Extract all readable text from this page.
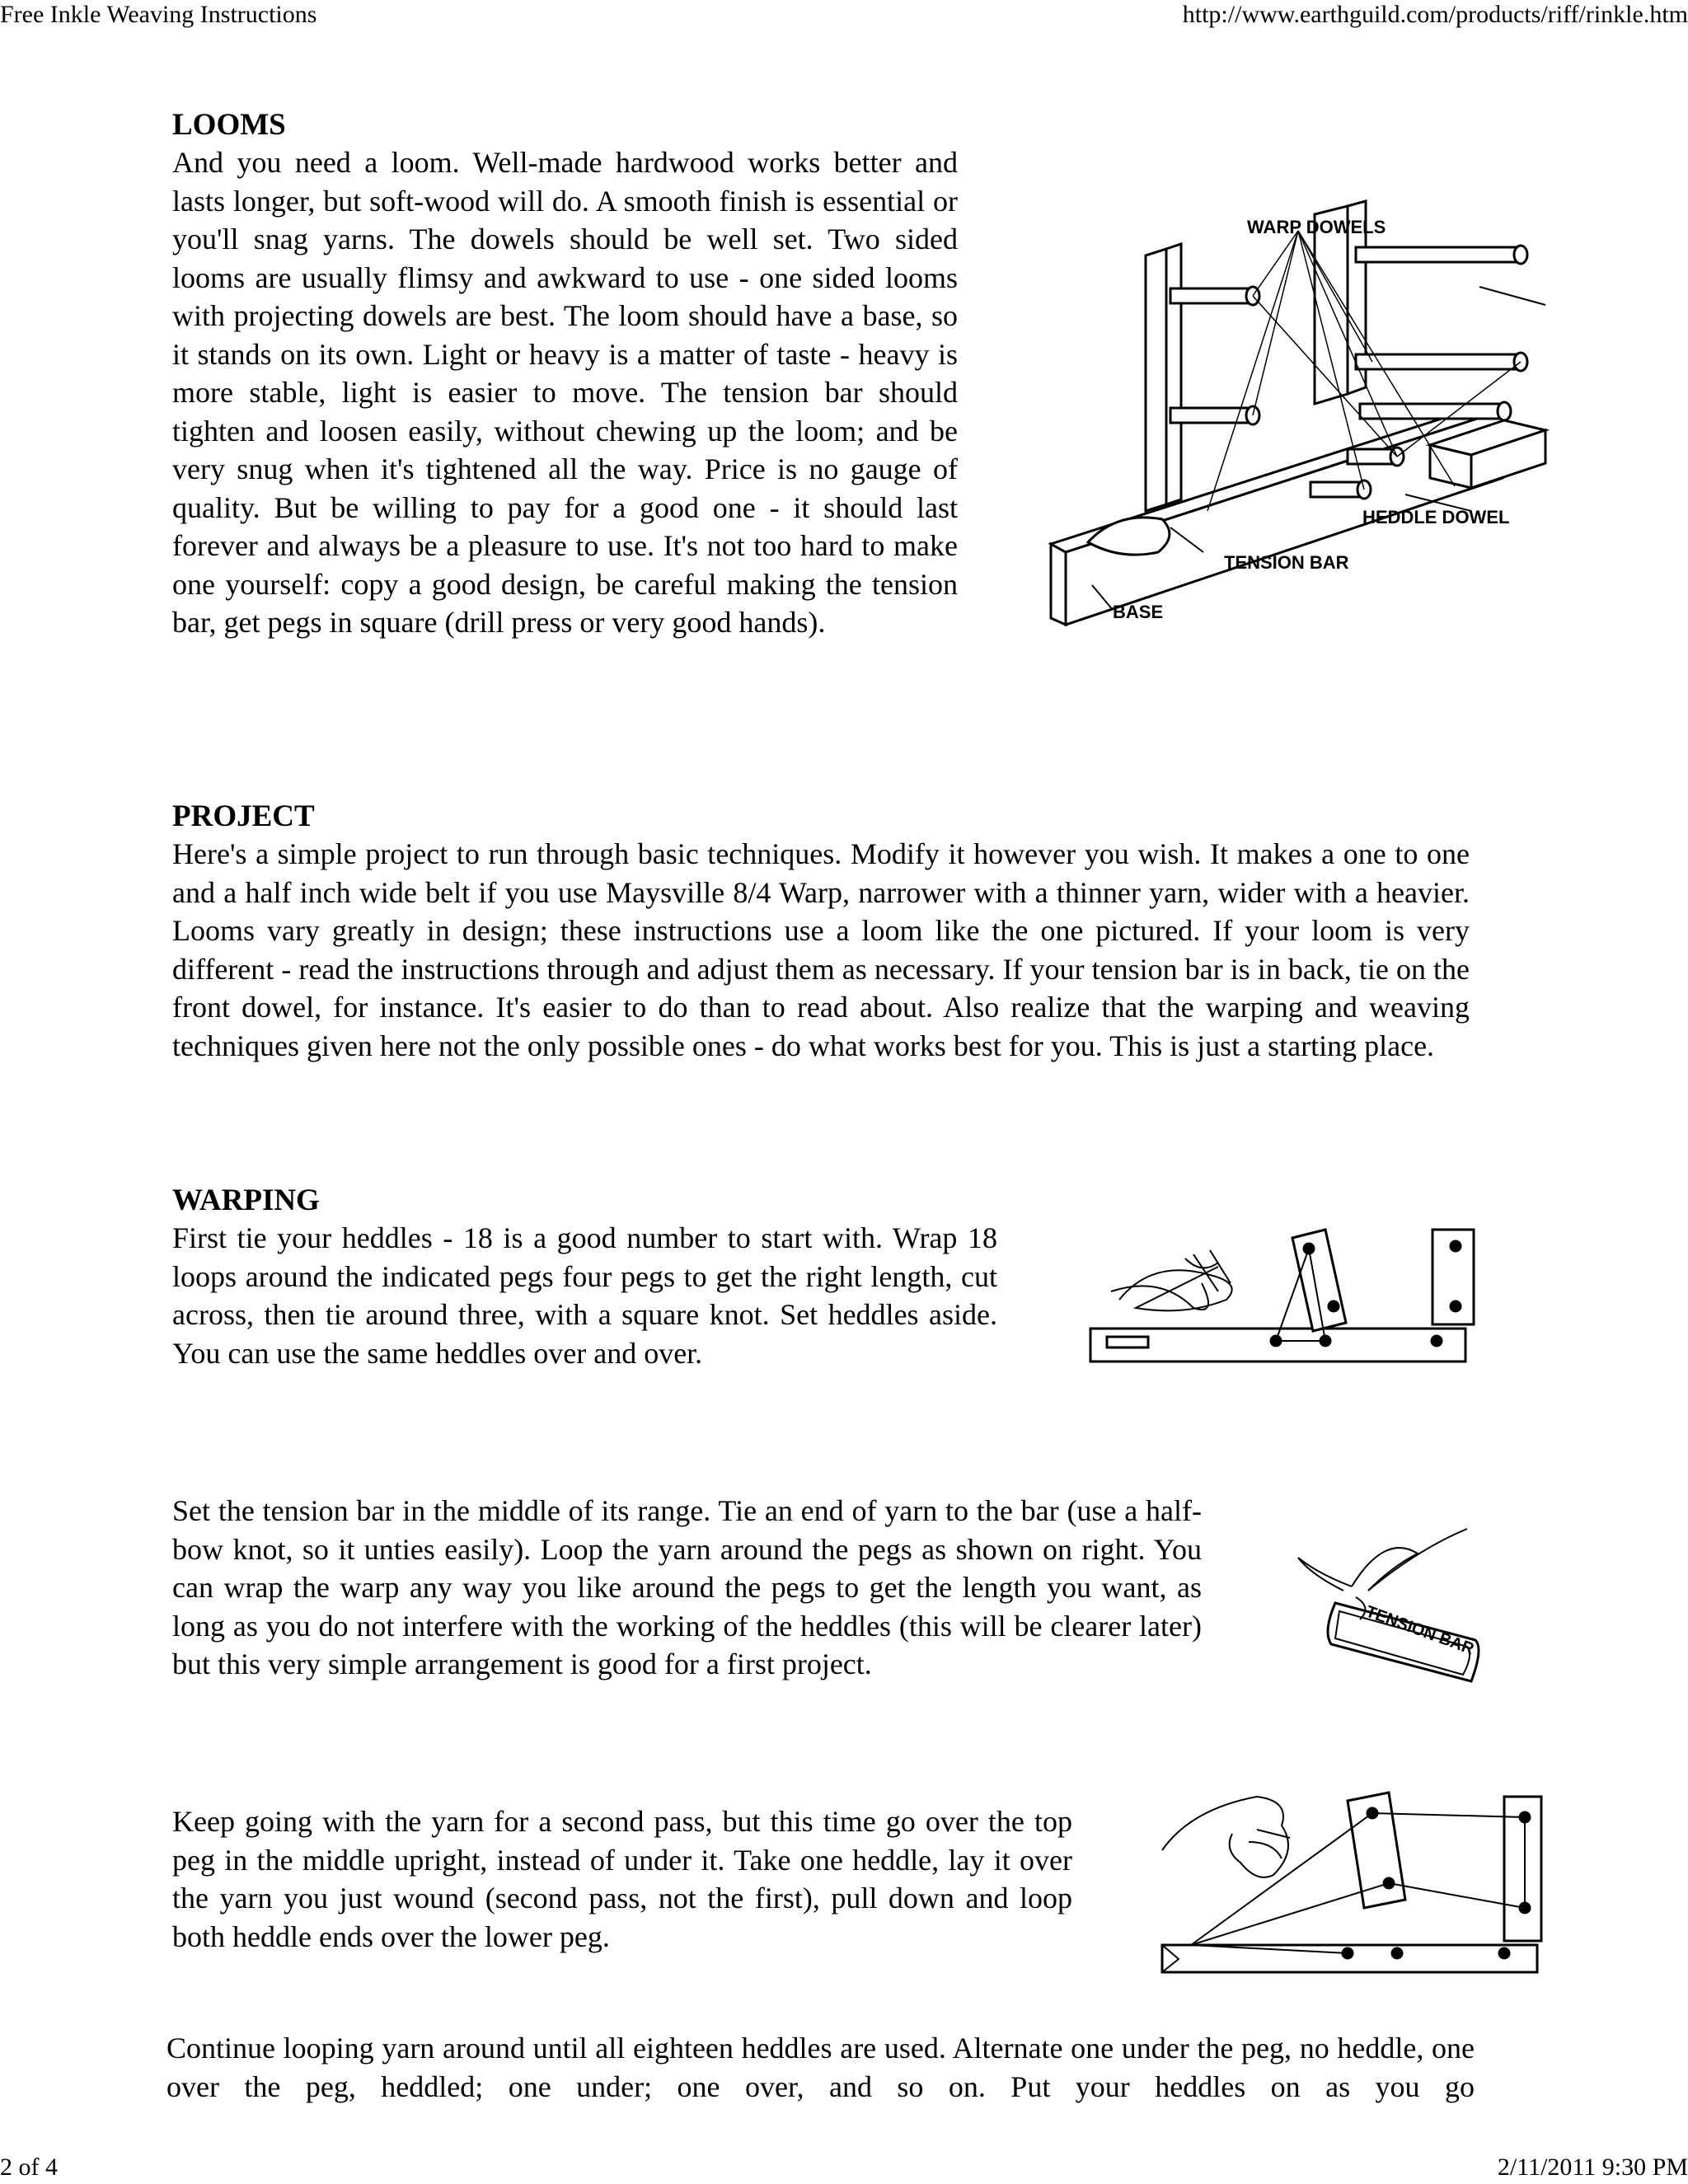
Free Inkle Weaving Instructions	http://www.earthguild.com/products/riff/rinkle.htm
LOOMS

And you need a loom. Well-made hardwood works better and lasts longer, but soft-wood will do. A smooth finish is essential or you'll snag yarns. The dowels should be well set. Two sided looms are usually flimsy and awkward to use - one sided looms with projecting dowels are best. The loom should have a base, so it stands on its own. Light or heavy is a matter of taste - heavy is more stable, light is easier to move. The tension bar should tighten and loosen easily, without chewing up the loom; and be very snug when it's tightened all the way. Price is no gauge of quality. But be willing to pay for a good one - it should last forever and always be a pleasure to use. It's not too hard to make one yourself: copy a good design, be careful making the tension bar, get pegs in square (drill press or very good hands).

WARP DOWELS
HEDDLE DOWEL
TENSION BAR
BASE
PROJECT

Here's a simple project to run through basic techniques. Modify it however you wish. It makes a one to one and a half inch wide belt if you use Maysville 8/4 Warp, narrower with a thinner yarn, wider with a heavier. Looms vary greatly in design; these instructions use a loom like the one pictured. If your loom is very different - read the instructions through and adjust them as necessary. If your tension bar is in back, tie on the front dowel, for instance. It's easier to do than to read about. Also realize that the warping and weaving techniques given here not the only possible ones - do what works best for you. This is just a starting place.

WARPING

First tie your heddles - 18 is a good number to start with. Wrap 18 loops around the indicated pegs four pegs to get the right length, cut across, then tie around three, with a square knot. Set heddles aside. You can use the same heddles over and over.

Set the tension bar in the middle of its range. Tie an end of yarn to the bar (use a half-bow knot, so it unties easily). Loop the yarn around the pegs as shown on right. You can wrap the warp any way you like around the pegs to get the length you want, as long as you do not interfere with the working of the heddles (this will be clearer later) but this very simple arrangement is good for a first project.

TENSION BAR

Keep going with the yarn for a second pass, but this time go over the top peg in the middle upright, instead of under it. Take one heddle, lay it over the yarn you just wound (second pass, not the first), pull down and loop both heddle ends over the lower peg.

Continue looping yarn around until all eighteen heddles are used. Alternate one under the peg, no heddle, one over the peg, heddled; one under; one over, and so on. Put your heddles on as you go

2 of 4	2/11/2011 9:30 PM
